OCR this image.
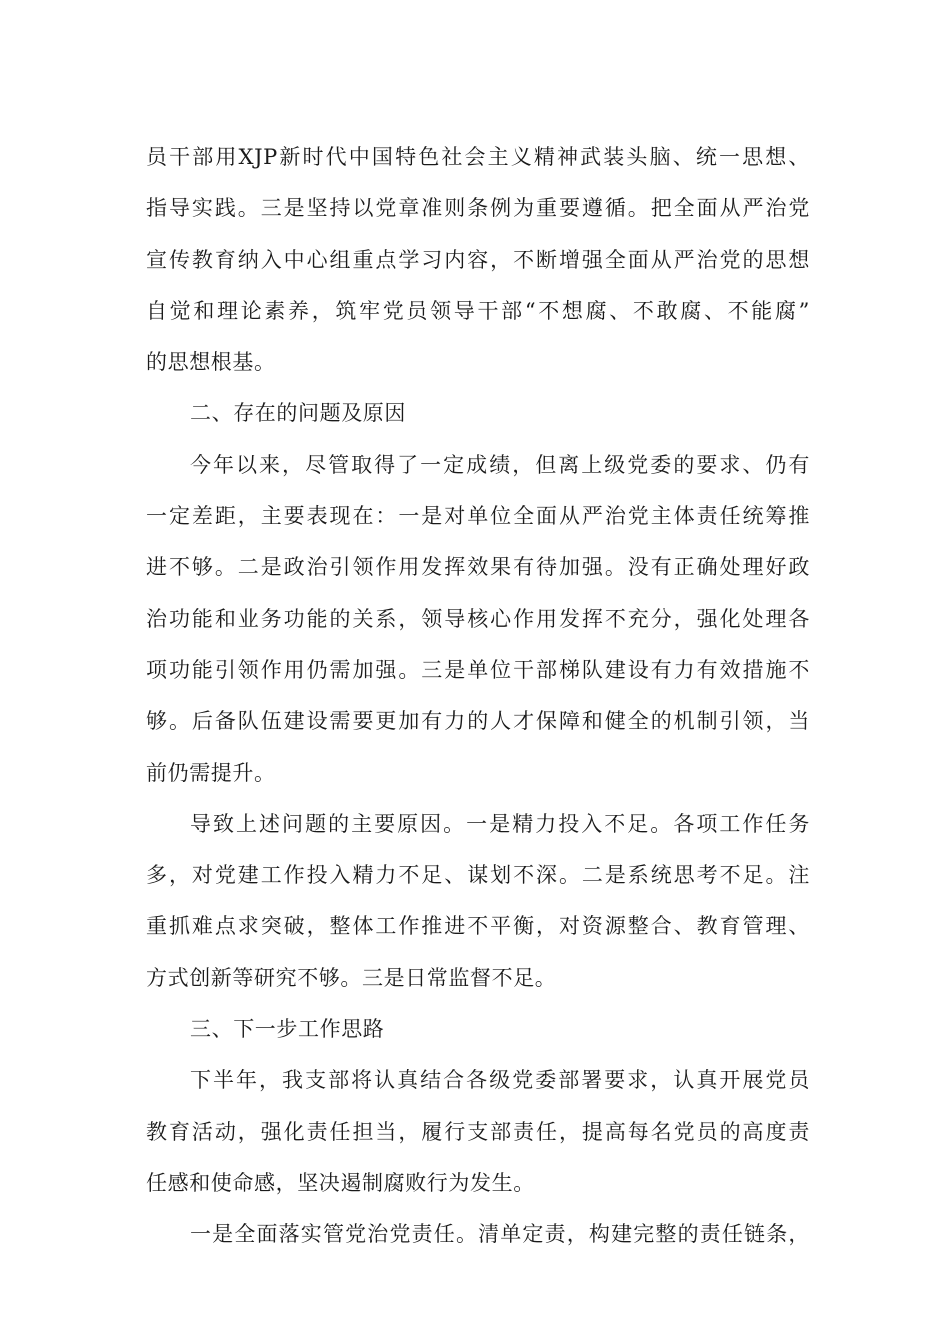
员干部用XJP新时代中国特色社会主义精神武装头脑、统一思想、
指导实践。三是坚持以党章准则条例为重要遵循。把全面从严治党
宣传教育纳入中心组重点学习内容，不断增强全面从严治党的思想
自觉和理论素养，筑牢党员领导干部“不想腐、不敢腐、不能腐”
的思想根基。
二、存在的问题及原因
今年以来，尽管取得了一定成绩，但离上级党委的要求、仍有
一定差距，主要表现在：一是对单位全面从严治党主体责任统筹推
进不够。二是政治引领作用发挥效果有待加强。没有正确处理好政
治功能和业务功能的关系，领导核心作用发挥不充分，强化处理各
项功能引领作用仍需加强。三是单位干部梯队建设有力有效措施不
够。后备队伍建设需要更加有力的人才保障和健全的机制引领，当
前仍需提升。
导致上述问题的主要原因。一是精力投入不足。各项工作任务
多，对党建工作投入精力不足、谋划不深。二是系统思考不足。注
重抓难点求突破，整体工作推进不平衡，对资源整合、教育管理、
方式创新等研究不够。三是日常监督不足。
三、下一步工作思路
下半年，我支部将认真结合各级党委部署要求，认真开展党员
教育活动，强化责任担当，履行支部责任，提高每名党员的高度责
任感和使命感，坚决遏制腐败行为发生。
一是全面落实管党治党责任。清单定责，构建完整的责任链条，
